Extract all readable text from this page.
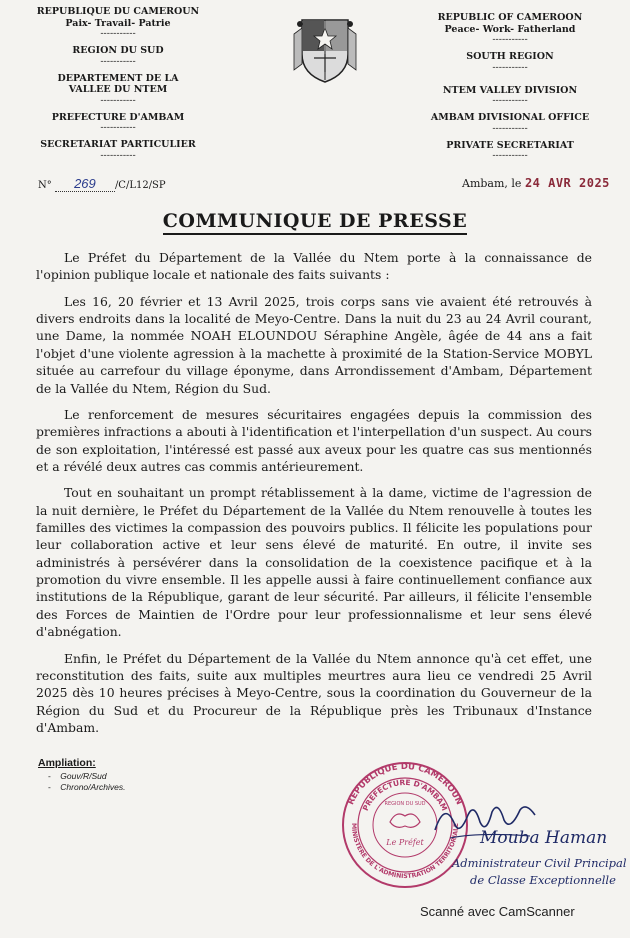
REPUBLIQUE DU CAMEROUN
Paix- Travail- Patrie
-----------
REGION DU SUD
-----------
DEPARTEMENT DE LA
VALLEE DU NTEM
-----------
PREFECTURE D'AMBAM
-----------
SECRETARIAT PARTICULIER
-----------
REPUBLIC OF CAMEROON
Peace- Work- Fatherland
-----------
SOUTH REGION
-----------
NTEM VALLEY DIVISION
-----------
AMBAM DIVISIONAL OFFICE
-----------
PRIVATE SECRETARIAT
-----------
N° 269 /C/L12/SP	Ambam, le 24 AVR 2025
COMMUNIQUE DE PRESSE

Le Préfet du Département de la Vallée du Ntem porte à la connaissance de l'opinion publique locale et nationale des faits suivants :

Les 16, 20 février et 13 Avril 2025, trois corps sans vie avaient été retrouvés à divers endroits dans la localité de Meyo-Centre. Dans la nuit du 23 au 24 Avril courant, une Dame, la nommée NOAH ELOUNDOU Séraphine Angèle, âgée de 44 ans a fait l'objet d'une violente agression à la machette à proximité de la Station-Service MOBYL située au carrefour du village éponyme, dans Arrondissement d'Ambam, Département de la Vallée du Ntem, Région du Sud.

Le renforcement de mesures sécuritaires engagées depuis la commission des premières infractions a abouti à l'identification et l'interpellation d'un suspect. Au cours de son exploitation, l'intéressé est passé aux aveux pour les quatre cas sus mentionnés et a révélé deux autres cas commis antérieurement.

Tout en souhaitant un prompt rétablissement à la dame, victime de l'agression de la nuit dernière, le Préfet du Département de la Vallée du Ntem renouvelle à toutes les familles des victimes la compassion des pouvoirs publics. Il félicite les populations pour leur collaboration active et leur sens élevé de maturité. En outre, il invite ses administrés à persévérer dans la consolidation de la coexistence pacifique et à la promotion du vivre ensemble. Il les appelle aussi à faire continuellement confiance aux institutions de la République, garant de leur sécurité. Par ailleurs, il félicite l'ensemble des Forces de Maintien de l'Ordre pour leur professionnalisme et leur sens élevé d'abnégation.

Enfin, le Préfet du Département de la Vallée du Ntem annonce qu'à cet effet, une reconstitution des faits, suite aux multiples meurtres aura lieu ce vendredi 25 Avril 2025 dès 10 heures précises à Meyo-Centre, sous la coordination du Gouverneur de la Région du Sud et du Procureur de la République près les Tribunaux d'Instance d'Ambam.

Ampliation:
- Gouv/R/Sud
- Chrono/Archives.
REPUBLIQUE DU CAMEROUN
PREFECTURE D'AMBAM
MINISTERE DE L'ADMINISTRATION TERRITORIALE
REGION DU SUD
Le Préfet	Mouba Haman
Administrateur Civil Principal
de Classe Exceptionnelle
Scanné avec CamScanner
